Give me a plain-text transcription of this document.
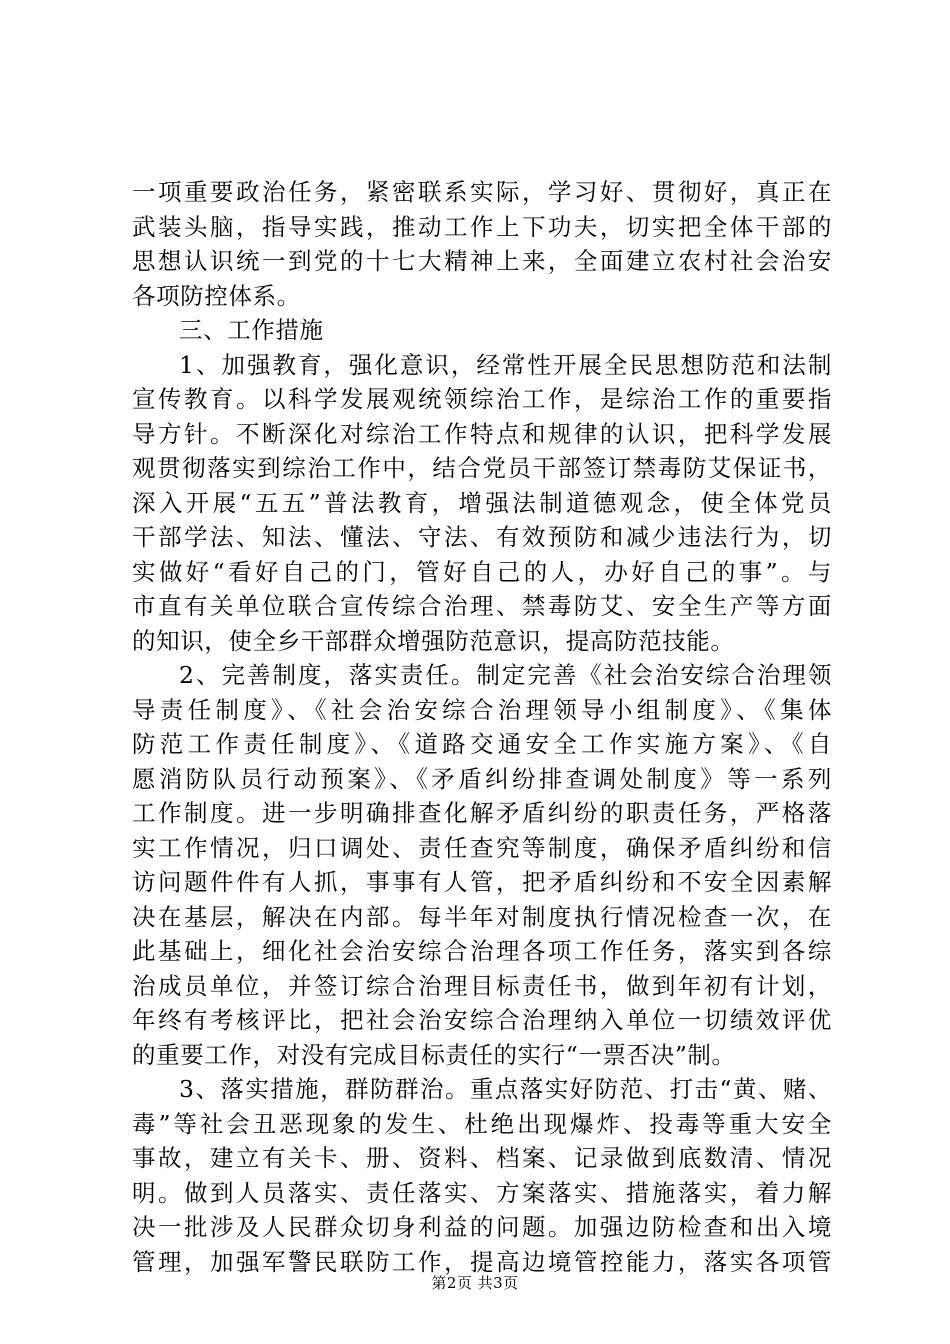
一项重要政治任务，紧密联系实际，学习好、贯彻好，真正在
武装头脑，指导实践，推动工作上下功夫，切实把全体干部的
思想认识统一到党的十七大精神上来，全面建立农村社会治安
各项防控体系。
三、工作措施
1、加强教育，强化意识，经常性开展全民思想防范和法制
宣传教育。以科学发展观统领综治工作，是综治工作的重要指
导方针。不断深化对综治工作特点和规律的认识，把科学发展
观贯彻落实到综治工作中，结合党员干部签订禁毒防艾保证书，
深入开展“五五”普法教育，增强法制道德观念，使全体党员
干部学法、知法、懂法、守法、有效预防和减少违法行为，切
实做好“看好自己的门，管好自己的人，办好自己的事”。与
市直有关单位联合宣传综合治理、禁毒防艾、安全生产等方面
的知识，使全乡干部群众增强防范意识，提高防范技能。
2、完善制度，落实责任。制定完善《社会治安综合治理领
导责任制度》、《社会治安综合治理领导小组制度》、《集体
防范工作责任制度》、《道路交通安全工作实施方案》、《自
愿消防队员行动预案》、《矛盾纠纷排查调处制度》等一系列
工作制度。进一步明确排查化解矛盾纠纷的职责任务，严格落
实工作情况，归口调处、责任查究等制度，确保矛盾纠纷和信
访问题件件有人抓，事事有人管，把矛盾纠纷和不安全因素解
决在基层，解决在内部。每半年对制度执行情况检查一次，在
此基础上，细化社会治安综合治理各项工作任务，落实到各综
治成员单位，并签订综合治理目标责任书，做到年初有计划，
年终有考核评比，把社会治安综合治理纳入单位一切绩效评优
的重要工作，对没有完成目标责任的实行“一票否决”制。
3、落实措施，群防群治。重点落实好防范、打击“黄、赌、
毒”等社会丑恶现象的发生、杜绝出现爆炸、投毒等重大安全
事故，建立有关卡、册、资料、档案、记录做到底数清、情况
明。做到人员落实、责任落实、方案落实、措施落实，着力解
决一批涉及人民群众切身利益的问题。加强边防检查和出入境
管理，加强军警民联防工作，提高边境管控能力，落实各项管
第2页 共3页
